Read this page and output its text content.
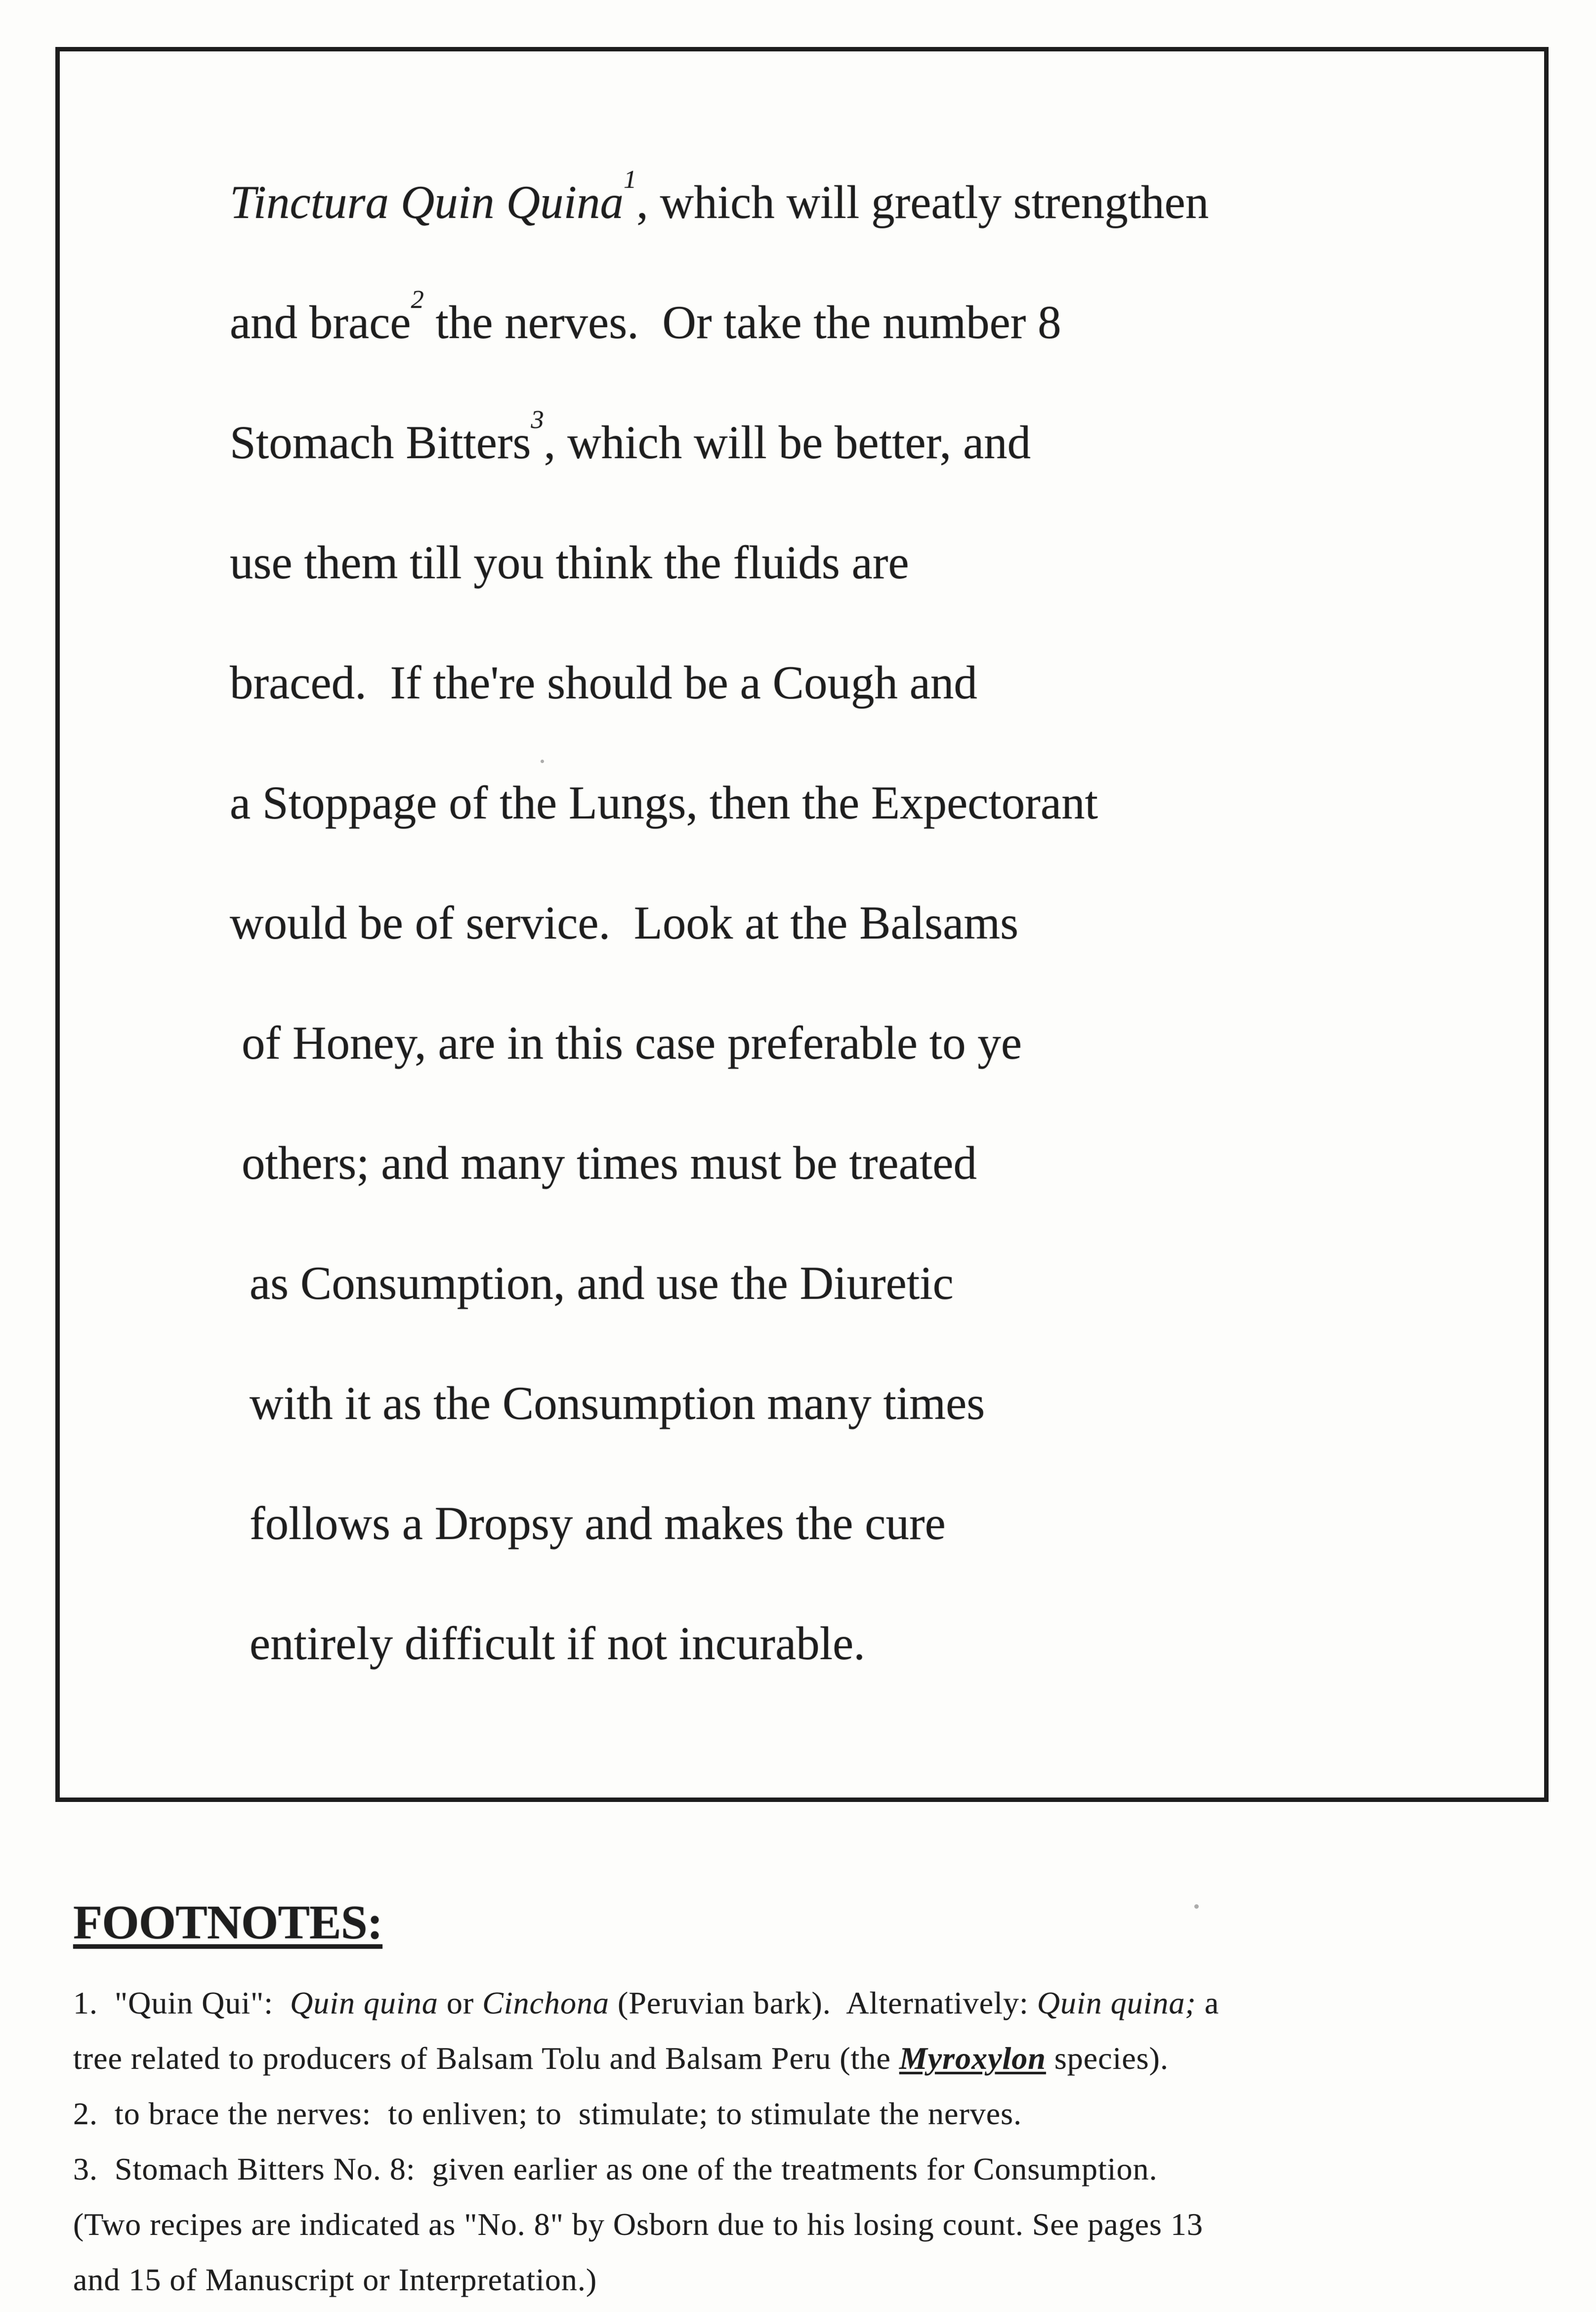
Tinctura Quin Quina$^1$, which will greatly strengthen
and brace$^2$ the nerves.  Or take the number 8
Stomach Bitters$^3$, which will be better, and
use them till you think the fluids are
braced.  If the're should be a Cough and
a Stoppage of the Lungs, then the Expectorant
would be of service.  Look at the Balsams
of Honey, are in this case preferable to ye
others; and many times must be treated
as Consumption, and use the Diuretic
with it as the Consumption many times
follows a Dropsy and makes the cure
entirely difficult if not incurable.
FOOTNOTES:
1.  "Quin Qui":  Quin quina or Cinchona (Peruvian bark).  Alternatively: Quin quina; a
tree related to producers of Balsam Tolu and Balsam Peru (the Myroxylon species).
2.  to brace the nerves:  to enliven; to  stimulate; to stimulate the nerves.
3.  Stomach Bitters No. 8:  given earlier as one of the treatments for Consumption.
(Two recipes are indicated as "No. 8" by Osborn due to his losing count. See pages 13
and 15 of Manuscript or Interpretation.)
